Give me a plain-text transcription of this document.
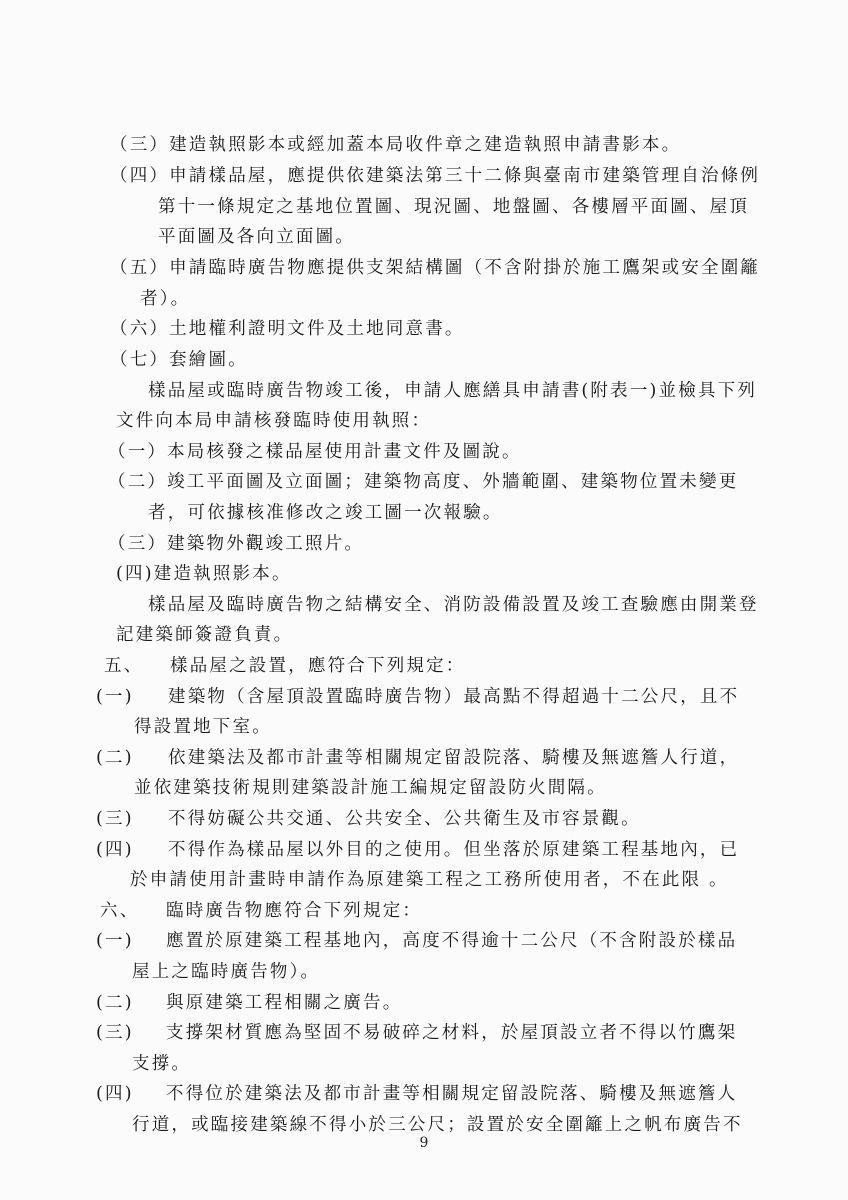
（三）建造執照影本或經加蓋本局收件章之建造執照申請書影本。
（四）申請樣品屋，應提供依建築法第三十二條與臺南市建築管理自治條例
第十一條規定之基地位置圖、現況圖、地盤圖、各樓層平面圖、屋頂
平面圖及各向立面圖。
（五）申請臨時廣告物應提供支架結構圖（不含附掛於施工鷹架或安全圍籬
者）。
（六）土地權利證明文件及土地同意書。
（七）套繪圖。
樣品屋或臨時廣告物竣工後，申請人應繕具申請書(附表一)並檢具下列
文件向本局申請核發臨時使用執照：
（一）本局核發之樣品屋使用計畫文件及圖說。
（二）竣工平面圖及立面圖；建築物高度、外牆範圍、建築物位置未變更
者，可依據核准修改之竣工圖一次報驗。
（三）建築物外觀竣工照片。
(四)建造執照影本。
樣品屋及臨時廣告物之結構安全、消防設備設置及竣工查驗應由開業登
記建築師簽證負責。
五、 樣品屋之設置，應符合下列規定：
(一) 建築物（含屋頂設置臨時廣告物）最高點不得超過十二公尺，且不
得設置地下室。
(二) 依建築法及都市計畫等相關規定留設院落、騎樓及無遮簷人行道，
並依建築技術規則建築設計施工編規定留設防火間隔。
(三) 不得妨礙公共交通、公共安全、公共衛生及市容景觀。
(四) 不得作為樣品屋以外目的之使用。但坐落於原建築工程基地內，已
於申請使用計畫時申請作為原建築工程之工務所使用者，不在此限 。
六、 臨時廣告物應符合下列規定：
(一) 應置於原建築工程基地內，高度不得逾十二公尺（不含附設於樣品
屋上之臨時廣告物）。
(二) 與原建築工程相關之廣告。
(三) 支撐架材質應為堅固不易破碎之材料，於屋頂設立者不得以竹鷹架
支撐。
(四) 不得位於建築法及都市計畫等相關規定留設院落、騎樓及無遮簷人
行道，或臨接建築線不得小於三公尺；設置於安全圍籬上之帆布廣告不
9
